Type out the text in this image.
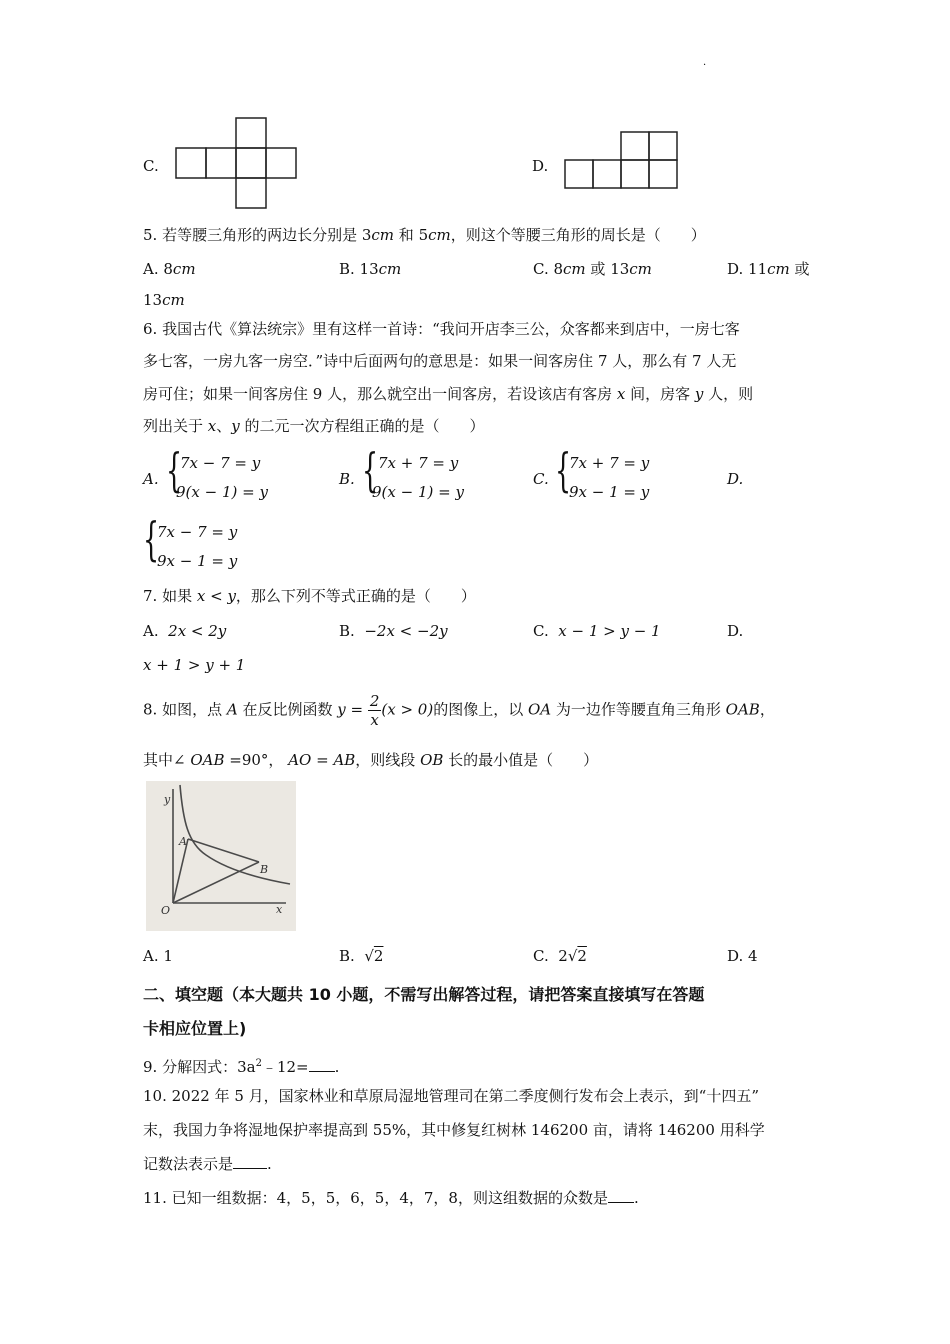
·
C.	D.
5. 若等腰三角形的两边长分别是 3cm 和 5cm，则这个等腰三角形的周长是（　　）
A. 8cm	B. 13cm	C. 8cm 或 13cm	D. 11cm 或
13cm
6. 我国古代《算法统宗》里有这样一首诗：“我问开店李三公，众客都来到店中，一房七客
多七客，一房九客一房空．”诗中后面两句的意思是：如果一间客房住 7 人，那么有 7 人无
房可住；如果一间客房住 9 人，那么就空出一间客房，若设该店有客房 x 间，房客 y 人，则
列出关于 x、y 的二元一次方程组正确的是（　　）
A. {
7x − 7 = y
9(x − 1) = y
B. { 7x + 7 = y
9(x − 1) = y
C. {
7x + 7 = y
9x − 1 = y
D.
{
7x − 7 = y
9x − 1 = y
7. 如果 x < y，那么下列不等式正确的是（　　）
A. 2x < 2y	B. −2x < −2y	C. x − 1 > y − 1	D.
x + 1 > y + 1
8. 如图，点 A 在反比例函数 $y = \frac{2}{x} (x > 0)$的图像上，以 OA 为一边作等腰直角三角形 OAB，
其中∠ OAB =90°， AO = AB，则线段 OB 长的最小值是（　　）
y
A
B
O	x
A. 1	B.  √2	C. 2√2	D. 4
二、填空题（本大题共 10 小题，不需写出解答过程，请把答案直接填写在答题
卡相应位置上)
9. 分解因式：$3a^2﹣12=$ .
10. 2022 年 5 月，国家林业和草原局湿地管理司在第二季度侧行发布会上表示，到“十四五”
末，我国力争将湿地保护率提高到 55%，其中修复红树林 146200 亩，请将 146200 用科学
记数法表示是 .
11. 已知一组数据：4，5，5，6，5，4，7，8，则这组数据的众数是 .
